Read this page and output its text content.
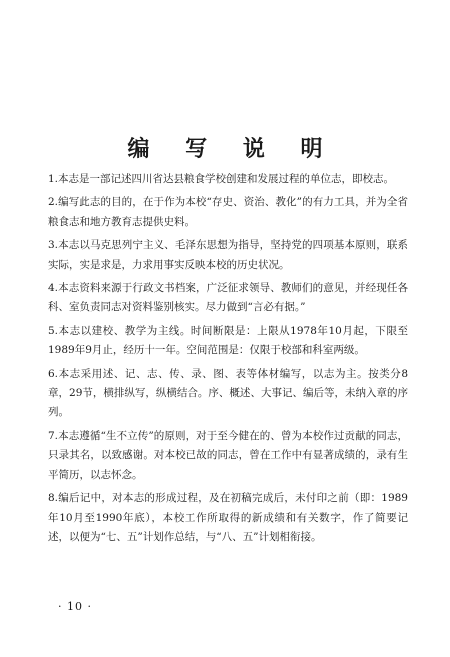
编 写 说 明

1.本志是一部记述四川省达县粮食学校创建和发展过程的单位志，即校志。

2.编写此志的目的，在于作为本校“存史、资治、教化”的有力工具，并为全省粮食志和地方教育志提供史料。

3.本志以马克思列宁主义、毛泽东思想为指导，坚持党的四项基本原则，联系实际，实是求是，力求用事实反映本校的历史状况。

4.本志资料来源于行政文书档案，广泛征求领导、教师们的意见，并经现任各科、室负责同志对资料鉴别核实。尽力做到“言必有据。”

5.本志以建校、教学为主线。时间断限是：上限从1978年10月起，下限至1989年9月止，经历十一年。空间范围是：仅限于校部和科室两级。

6.本志采用述、记、志、传、录、图、表等体材编写，以志为主。按类分8章，29节，横排纵写，纵横结合。序、概述、大事记、编后等，未纳入章的序列。

7.本志遵循“生不立传”的原则，对于至今健在的、曾为本校作过贡献的同志，只录其名，以致感谢。对本校已故的同志，曾在工作中有显著成绩的，录有生平简历，以志怀念。

8.编后记中，对本志的形成过程，及在初稿完成后，未付印之前（即：1989年10月至1990年底），本校工作所取得的新成绩和有关数字，作了简要记述，以便为“七、五”计划作总结，与“八、五”计划相衔接。

· 10 ·
